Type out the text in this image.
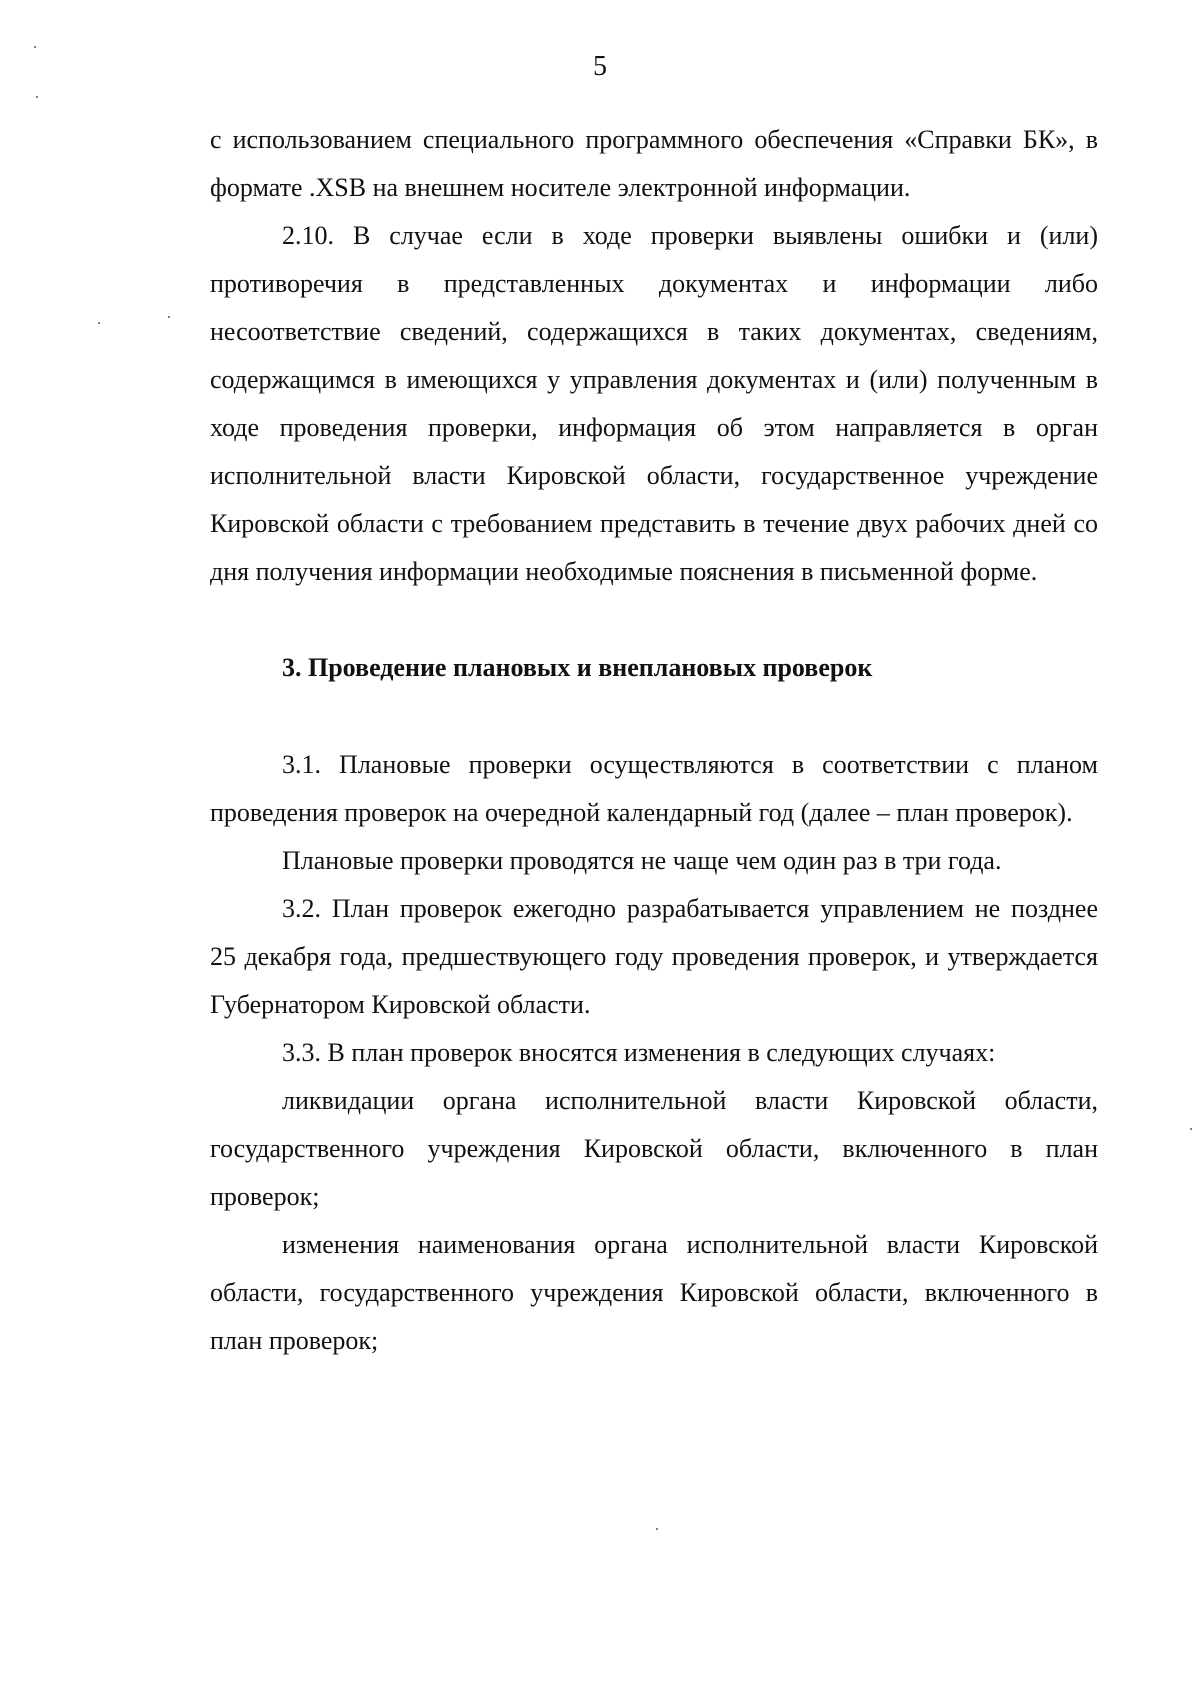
5

с использованием специального программного обеспечения «Справки БК», в формате .XSB на внешнем носителе электронной информации.

2.10. В случае если в ходе проверки выявлены ошибки и (или) противоречия в представленных документах и информации либо несоответствие сведений, содержащихся в таких документах, сведениям, содержащимся в имеющихся у управления документах и (или) полученным в ходе проведения проверки, информация об этом направляется в орган исполнительной власти Кировской области, государственное учреждение Кировской области с требованием представить в течение двух рабочих дней со дня получения информации необходимые пояснения в письменной форме.

3. Проведение плановых и внеплановых проверок

3.1. Плановые проверки осуществляются в соответствии с планом проведения проверок на очередной календарный год (далее – план проверок).

Плановые проверки проводятся не чаще чем один раз в три года.

3.2. План проверок ежегодно разрабатывается управлением не позднее 25 декабря года, предшествующего году проведения проверок, и утверждается Губернатором Кировской области.

3.3. В план проверок вносятся изменения в следующих случаях:

ликвидации органа исполнительной власти Кировской области, государственного учреждения Кировской области, включенного в план проверок;

изменения наименования органа исполнительной власти Кировской области, государственного учреждения Кировской области, включенного в план проверок;
